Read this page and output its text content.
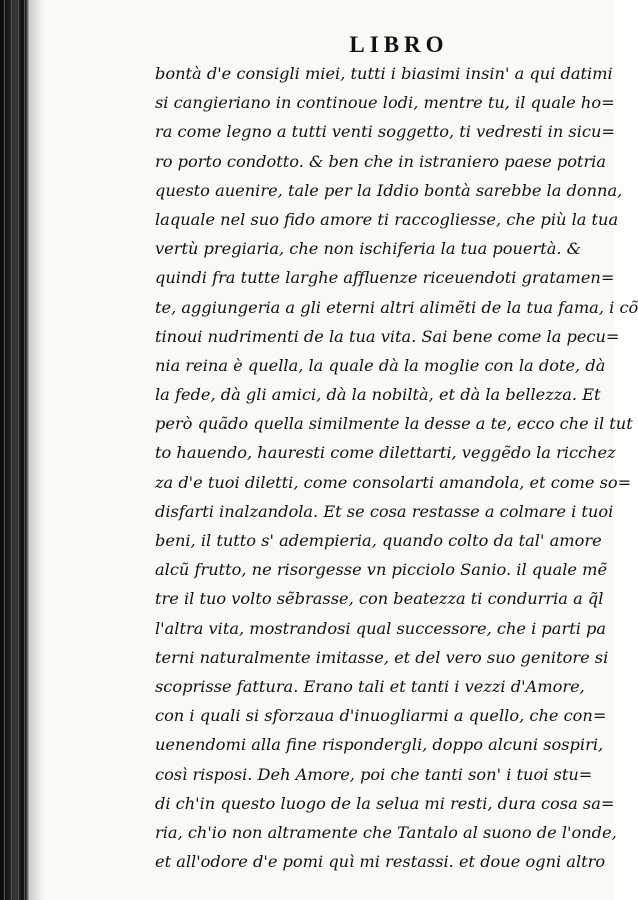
LIBRO
bontà d'e consigli miei, tutti i biasimi insin' a qui datimi
si cangieriano in continoue lodi, mentre tu, il quale ho=
ra come legno a tutti venti soggetto, ti vedresti in sicu=
ro porto condotto. & ben che in istraniero paese potria
questo auenire, tale per la Iddio bontà sarebbe la donna,
laquale nel suo fido amore ti raccogliesse, che più la tua
vertù pregiaria, che non ischiferia la tua pouertà. &
quindi fra tutte larghe affluenze riceuendoti gratamen=
te, aggiungeria a gli eterni altri alimẽti de la tua fama, i cõ
tinoui nudrimenti de la tua vita. Sai bene come la pecu=
nia reina è quella, la quale dà la moglie con la dote, dà
la fede, dà gli amici, dà la nobiltà, et dà la bellezza. Et
però quãdo quella similmente la desse a te, ecco che il tut
to hauendo, hauresti come dilettarti, veggẽdo la ricchez
za d'e tuoi diletti, come consolarti amandola, et come so=
disfarti inalzandola. Et se cosa restasse a colmare i tuoi
beni, il tutto s' adempieria, quando colto da tal' amore
alcũ frutto, ne risorgesse vn picciolo Sanio. il quale mẽ
tre il tuo volto sẽbrasse, con beatezza ti condurria a q̃l
l'altra vita, mostrandosi qual successore, che i parti pa
terni naturalmente imitasse, et del vero suo genitore si
scoprisse fattura. Erano tali et tanti i vezzi d'Amore,
con i quali si sforzaua d'inuogliarmi a quello, che con=
uenendomi alla fine rispondergli, doppo alcuni sospiri,
così risposi. Deh Amore, poi che tanti son' i tuoi stu=
di ch'in questo luogo de la selua mi resti, dura cosa sa=
ria, ch'io non altramente che Tantalo al suono de l'onde,
et all'odore d'e pomi quì mi restassi. et doue ogni altro
